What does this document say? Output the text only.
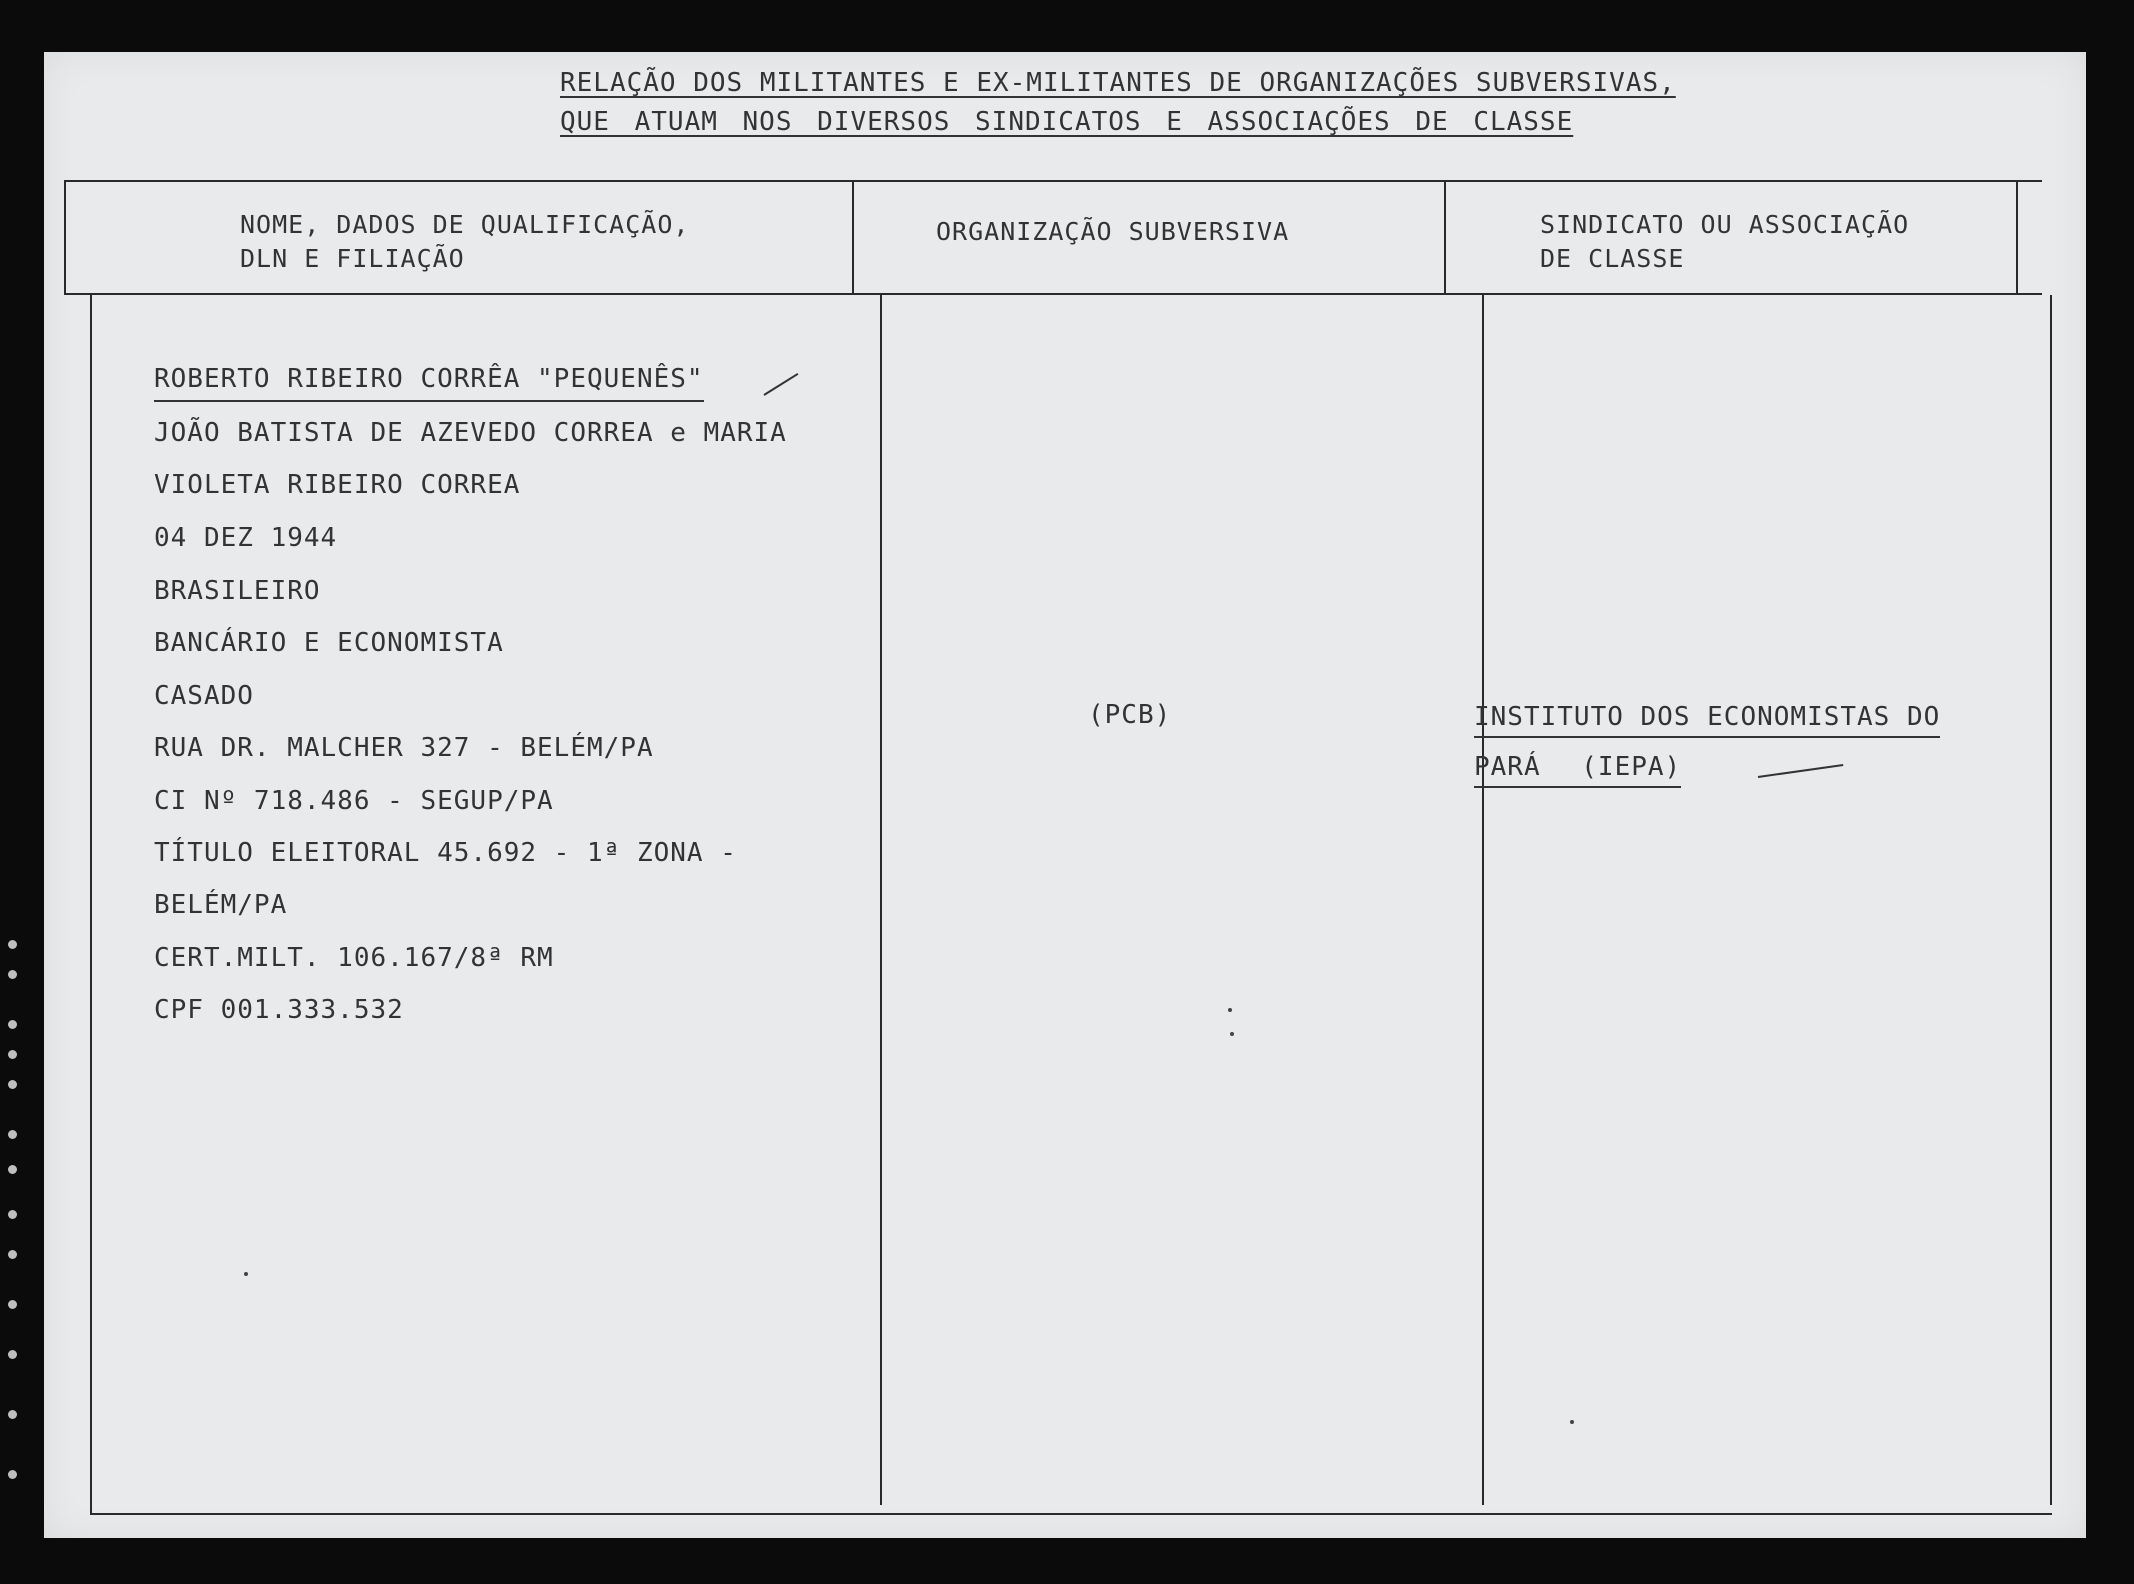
RELAÇÃO DOS MILITANTES E EX-MILITANTES DE ORGANIZAÇÕES SUBVERSIVAS,
QUE ATUAM NOS DIVERSOS SINDICATOS E ASSOCIAÇÕES DE CLASSE
NOME, DADOS DE QUALIFICAÇÃO,
DLN E FILIAÇÃO
ORGANIZAÇÃO SUBVERSIVA	SINDICATO OU ASSOCIAÇÃO
DE CLASSE
ROBERTO RIBEIRO CORRÊA "PEQUENÊS"
JOÃO BATISTA DE AZEVEDO CORREA e MARIA
VIOLETA RIBEIRO CORREA
04 DEZ 1944
BRASILEIRO
BANCÁRIO E ECONOMISTA
CASADO
RUA DR. MALCHER 327 - BELÉM/PA
CI Nº 718.486 - SEGUP/PA
TÍTULO ELEITORAL 45.692 - 1ª ZONA -
BELÉM/PA
CERT.MILT. 106.167/8ª RM
CPF 001.333.532
(PCB)	INSTITUTO DOS ECONOMISTAS DO
PARÁ (IEPA)
